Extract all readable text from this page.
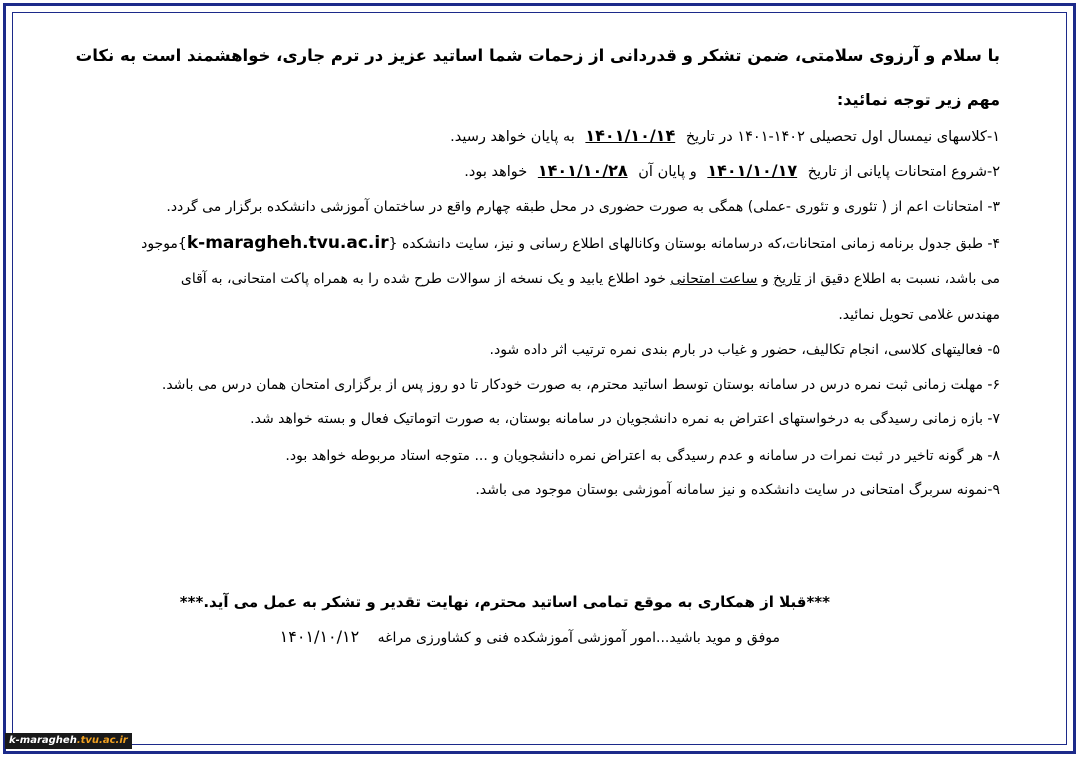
با سلام و آرزوی سلامتی، ضمن تشکر و قدردانی از زحمات شما اساتید عزیز در ترم جاری، خواهشمند است به نکات
مهم زیر توجه نمائید:
۱-کلاسهای نیمسال اول تحصیلی ۱۴۰۲-۱۴۰۱ در تاریخ ۱۴۰۱/۱۰/۱۴ به پایان خواهد رسید.
۲-شروع امتحانات پایانی از تاریخ ۱۴۰۱/۱۰/۱۷ و پایان آن ۱۴۰۱/۱۰/۲۸ خواهد بود.
۳- امتحانات اعم از ( تئوری و تئوری -عملی) همگی به صورت حضوری در محل طبقه چهارم واقع در ساختمان آموزشی دانشکده برگزار می گردد.
۴- طبق جدول برنامه زمانی امتحانات،که درسامانه بوستان وکانالهای اطلاع رسانی و نیز، سایت دانشکده {k-maragheh.tvu.ac.ir}موجود
می باشد، نسبت به اطلاع دقیق از تاریخ و ساعت امتحانی خود اطلاع یابید و یک نسخه از سوالات طرح شده را به همراه پاکت امتحانی، به آقای
مهندس غلامی تحویل نمائید.
۵- فعالیتهای کلاسی، انجام تکالیف، حضور و غیاب در بارم بندی نمره ترتیب اثر داده شود.
۶- مهلت زمانی ثبت نمره درس در سامانه بوستان توسط اساتید محترم، به صورت خودکار تا دو روز پس از برگزاری امتحان همان درس می باشد.
۷- بازه زمانی رسیدگی به درخواستهای اعتراض به نمره دانشجویان در سامانه بوستان، به صورت اتوماتیک فعال و بسته خواهد شد.
۸- هر گونه تاخیر در ثبت نمرات در سامانه و عدم رسیدگی به اعتراض نمره دانشجویان و ... متوجه استاد مربوطه خواهد بود.
۹-نمونه سربرگ امتحانی در سایت دانشکده و نیز سامانه آموزشی بوستان موجود می باشد.
***قبلا از همکاری به موقع تمامی اساتید محترم، نهایت تقدیر و تشکر به عمل می آید.***
موفق و موید باشید...امور آموزشی آموزشکده فنی و کشاورزی مراغه ۱۴۰۱/۱۰/۱۲
k-maragheh.tvu.ac.ir
